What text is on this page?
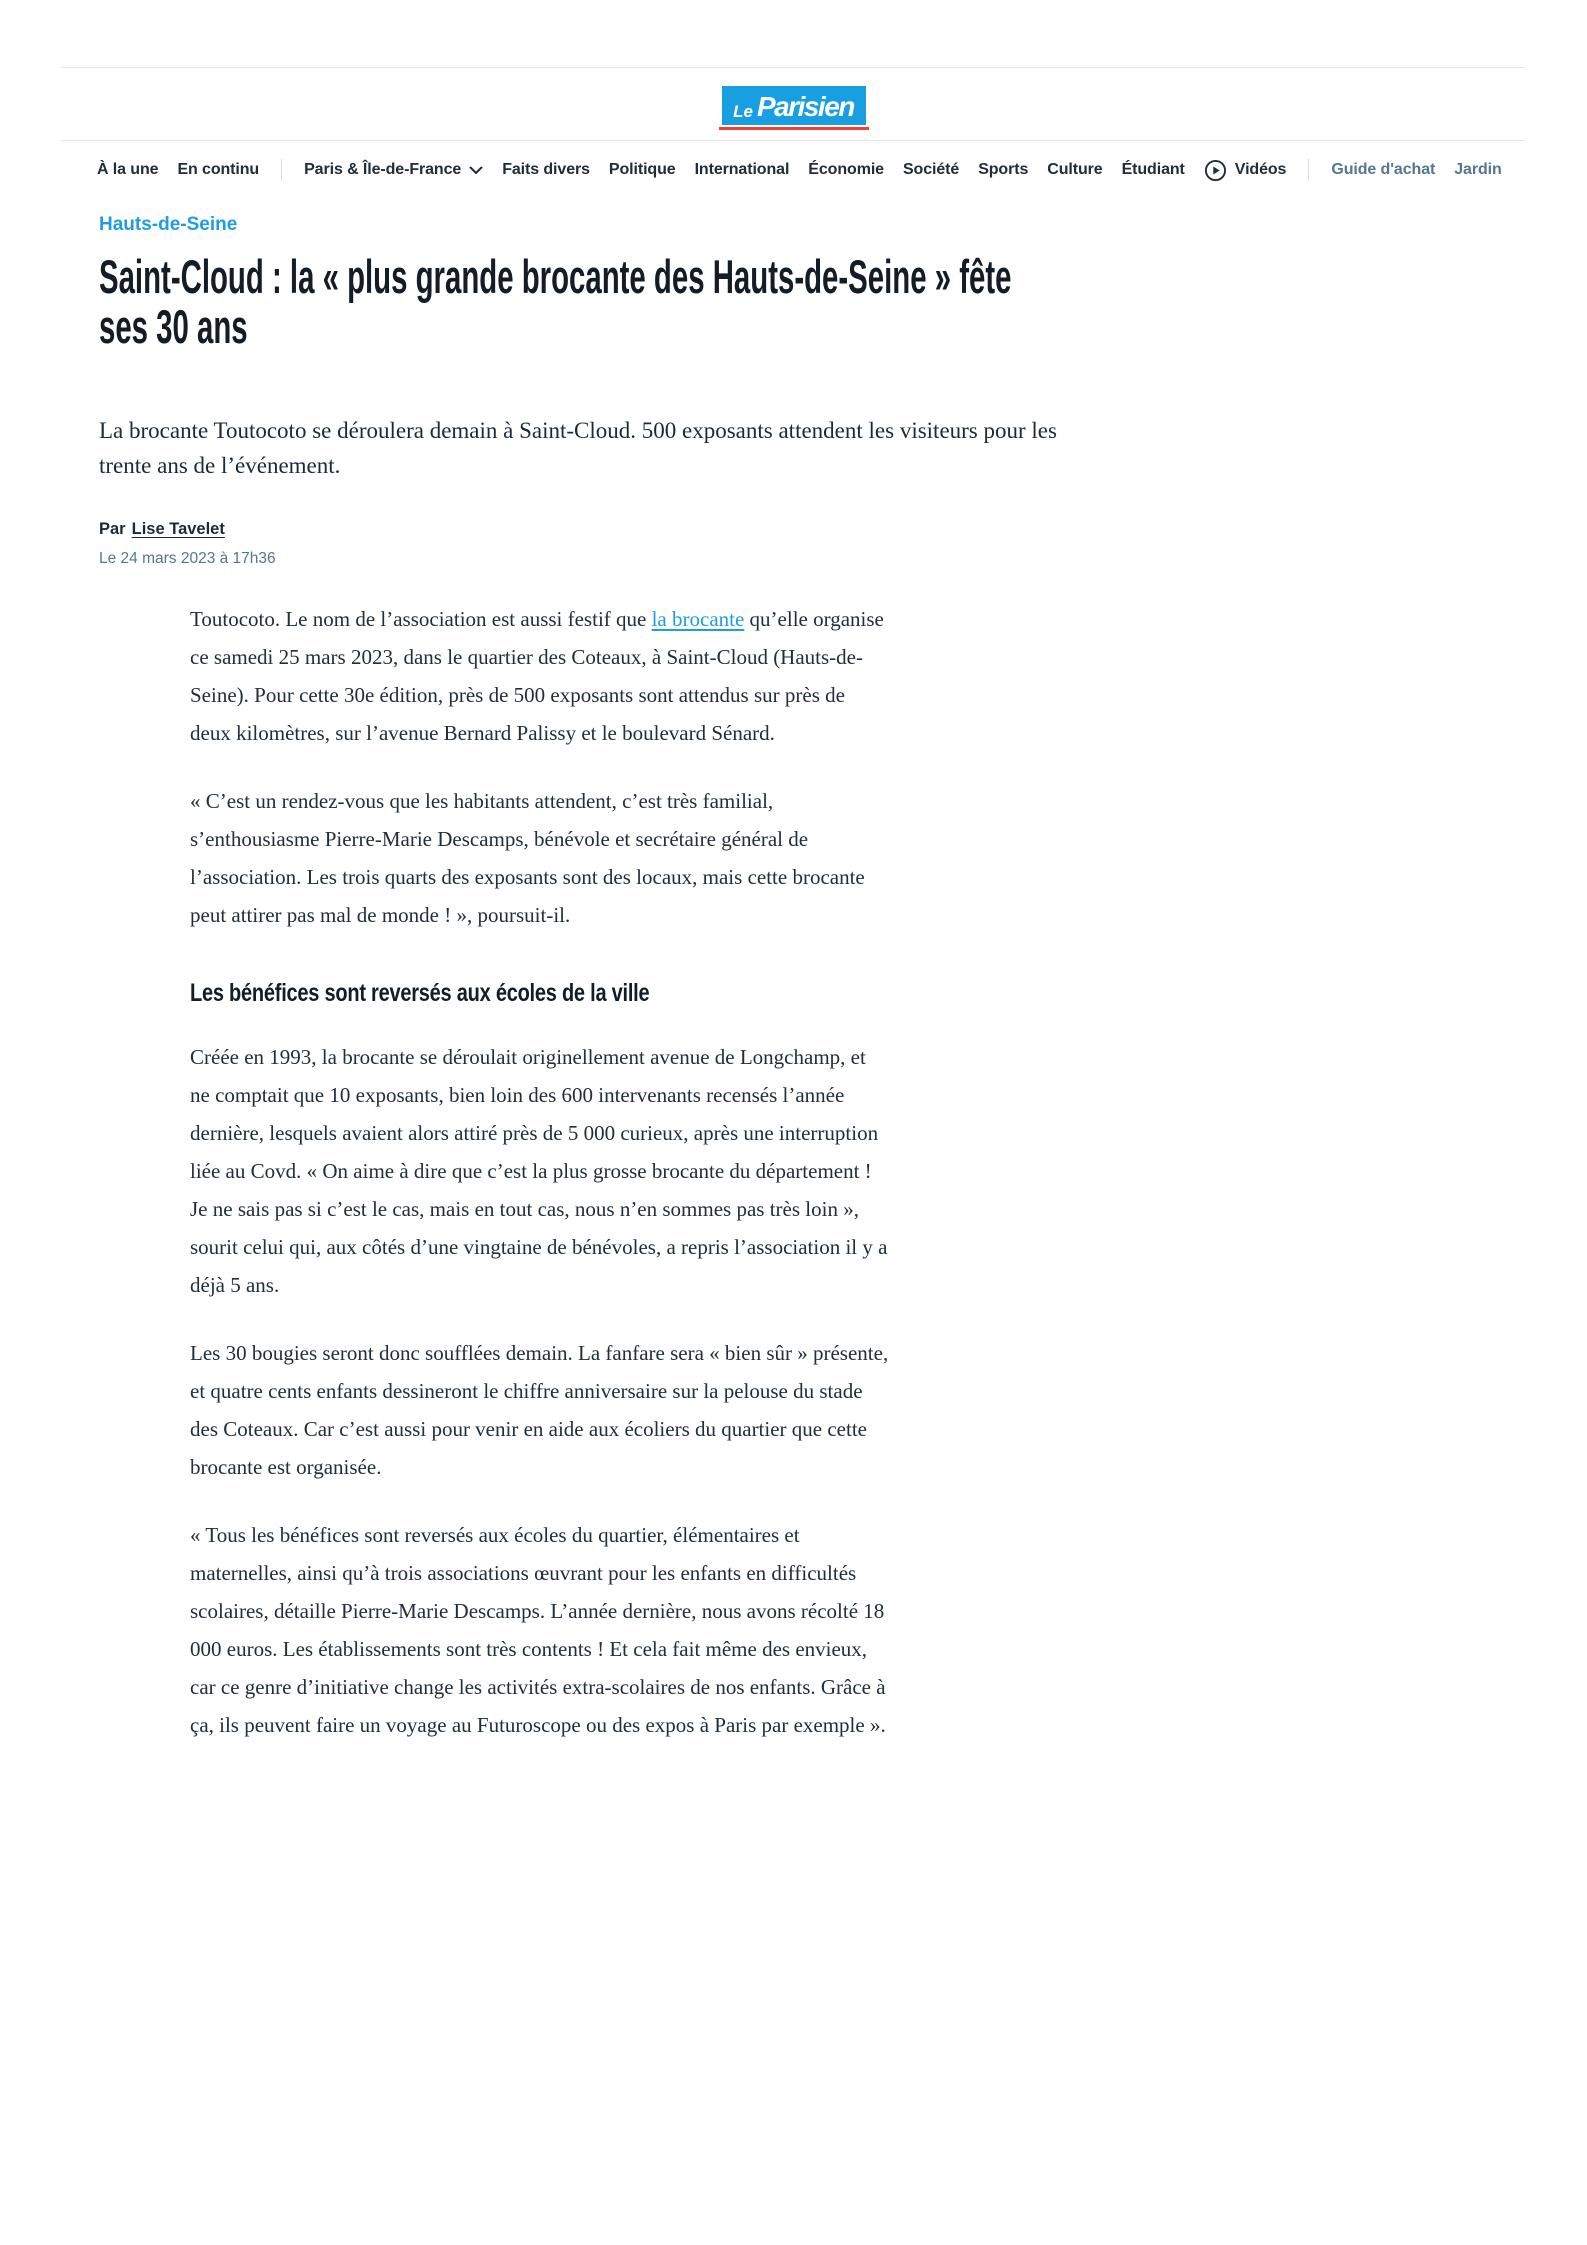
Le Parisien
À la une En continu	Paris & Île-de-France	Faits divers Politique International Économie Société Sports Culture Étudiant	Vidéos	Guide d'achat Jardin
Hauts-de-Seine
Saint-Cloud : la « plus grande brocante des Hauts-de-Seine » fête ses 30 ans

La brocante Toutocoto se déroulera demain à Saint-Cloud. 500 exposants attendent les visiteurs pour les trente ans de l’événement.

Par Lise Tavelet
Le 24 mars 2023 à 17h36

Toutocoto. Le nom de l’association est aussi festif que la brocante qu’elle organise ce samedi 25 mars 2023, dans le quartier des Coteaux, à Saint-Cloud (Hauts-de-Seine). Pour cette 30e édition, près de 500 exposants sont attendus sur près de deux kilomètres, sur l’avenue Bernard Palissy et le boulevard Sénard.

« C’est un rendez-vous que les habitants attendent, c’est très familial, s’enthousiasme Pierre-Marie Descamps, bénévole et secrétaire général de l’association. Les trois quarts des exposants sont des locaux, mais cette brocante peut attirer pas mal de monde ! », poursuit-il.

Les bénéfices sont reversés aux écoles de la ville

Créée en 1993, la brocante se déroulait originellement avenue de Longchamp, et ne comptait que 10 exposants, bien loin des 600 intervenants recensés l’année dernière, lesquels avaient alors attiré près de 5 000 curieux, après une interruption liée au Covd. « On aime à dire que c’est la plus grosse brocante du département ! Je ne sais pas si c’est le cas, mais en tout cas, nous n’en sommes pas très loin », sourit celui qui, aux côtés d’une vingtaine de bénévoles, a repris l’association il y a déjà 5 ans.

Les 30 bougies seront donc soufflées demain. La fanfare sera « bien sûr » présente, et quatre cents enfants dessineront le chiffre anniversaire sur la pelouse du stade des Coteaux. Car c’est aussi pour venir en aide aux écoliers du quartier que cette brocante est organisée.

« Tous les bénéfices sont reversés aux écoles du quartier, élémentaires et maternelles, ainsi qu’à trois associations œuvrant pour les enfants en difficultés scolaires, détaille Pierre-Marie Descamps. L’année dernière, nous avons récolté 18 000 euros. Les établissements sont très contents ! Et cela fait même des envieux, car ce genre d’initiative change les activités extra-scolaires de nos enfants. Grâce à ça, ils peuvent faire un voyage au Futuroscope ou des expos à Paris par exemple ».
